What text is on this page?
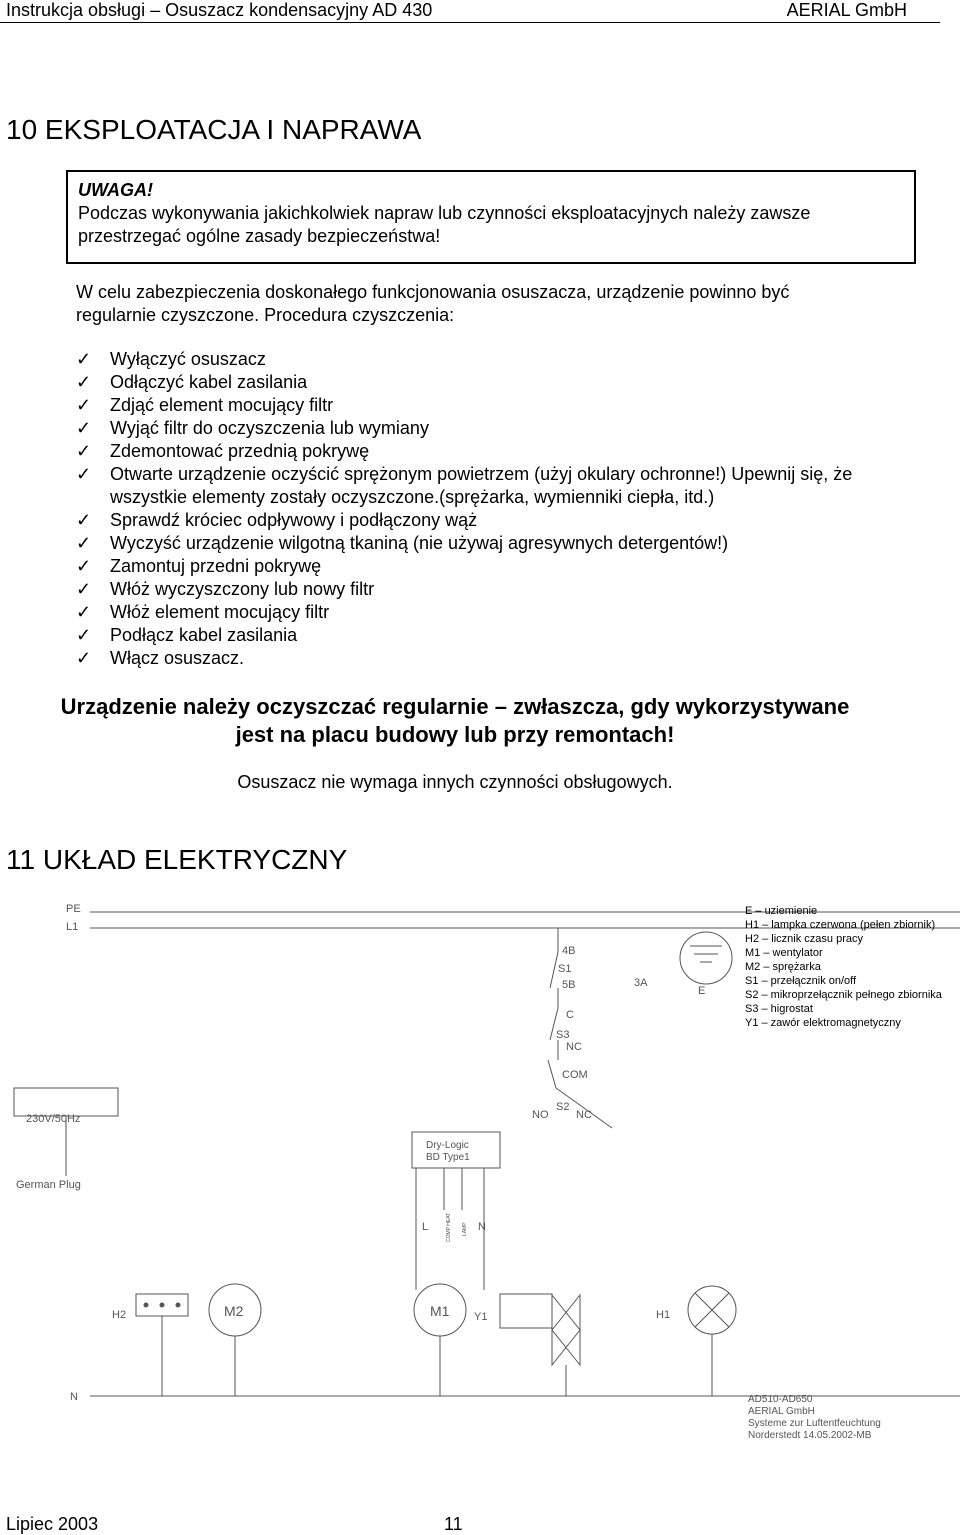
Instrukcja obsługi – Osuszacz kondensacyjny AD 430	AERIAL GmbH
10 EKSPLOATACJA I NAPRAWA

UWAGA!

Podczas wykonywania jakichkolwiek napraw lub czynności eksploatacyjnych należy zawsze

przestrzegać ogólne zasady bezpieczeństwa!

W celu zabezpieczenia doskonałego funkcjonowania osuszacza, urządzenie powinno być
regularnie czyszczone. Procedura czyszczenia:
✓ Wyłączyć osuszacz
✓ Odłączyć kabel zasilania
✓ Zdjąć element mocujący filtr
✓ Wyjąć filtr do oczyszczenia lub wymiany
✓ Zdemontować przednią pokrywę
✓ Otwarte urządzenie oczyścić sprężonym powietrzem (użyj okulary ochronne!) Upewnij się, że wszystkie elementy zostały oczyszczone.(sprężarka, wymienniki ciepła, itd.)
✓ Sprawdź króciec odpływowy i podłączony wąż
✓ Wyczyść urządzenie wilgotną tkaniną (nie używaj agresywnych detergentów!)
✓ Zamontuj przedni pokrywę
✓ Włóż wyczyszczony lub nowy filtr
✓ Włóż element mocujący filtr
✓ Podłącz kabel zasilania
✓ Włącz osuszacz.
Urządzenie należy oczyszczać regularnie – zwłaszcza, gdy wykorzystywane
jest na placu budowy lub przy remontach!
Osuszacz nie wymaga innych czynności obsługowych.
11 UKŁAD ELEKTRYCZNY
PE
L1
N
230V/50Hz
German Plug
4B
S1
5B
C
S3
NC
3A
E
COM
NO
S2
NC
Dry-Logic
BD Type1
L	COMP HEAT LAMP N
H2	M2	M1 Y1	H1
AD510-AD650
AERIAL GmbH
Systeme zur Luftentfeuchtung
Norderstedt 14.05.2002-MB
E – uziemienie
H1 – lampka czerwona (pełen zbiornik)
H2 – licznik czasu pracy
M1 – wentylator
M2 – sprężarka
S1 – przełącznik on/off
S2 – mikroprzełącznik pełnego zbiornika
S3 – higrostat
Y1 – zawór elektromagnetyczny
Lipiec 2003	11
